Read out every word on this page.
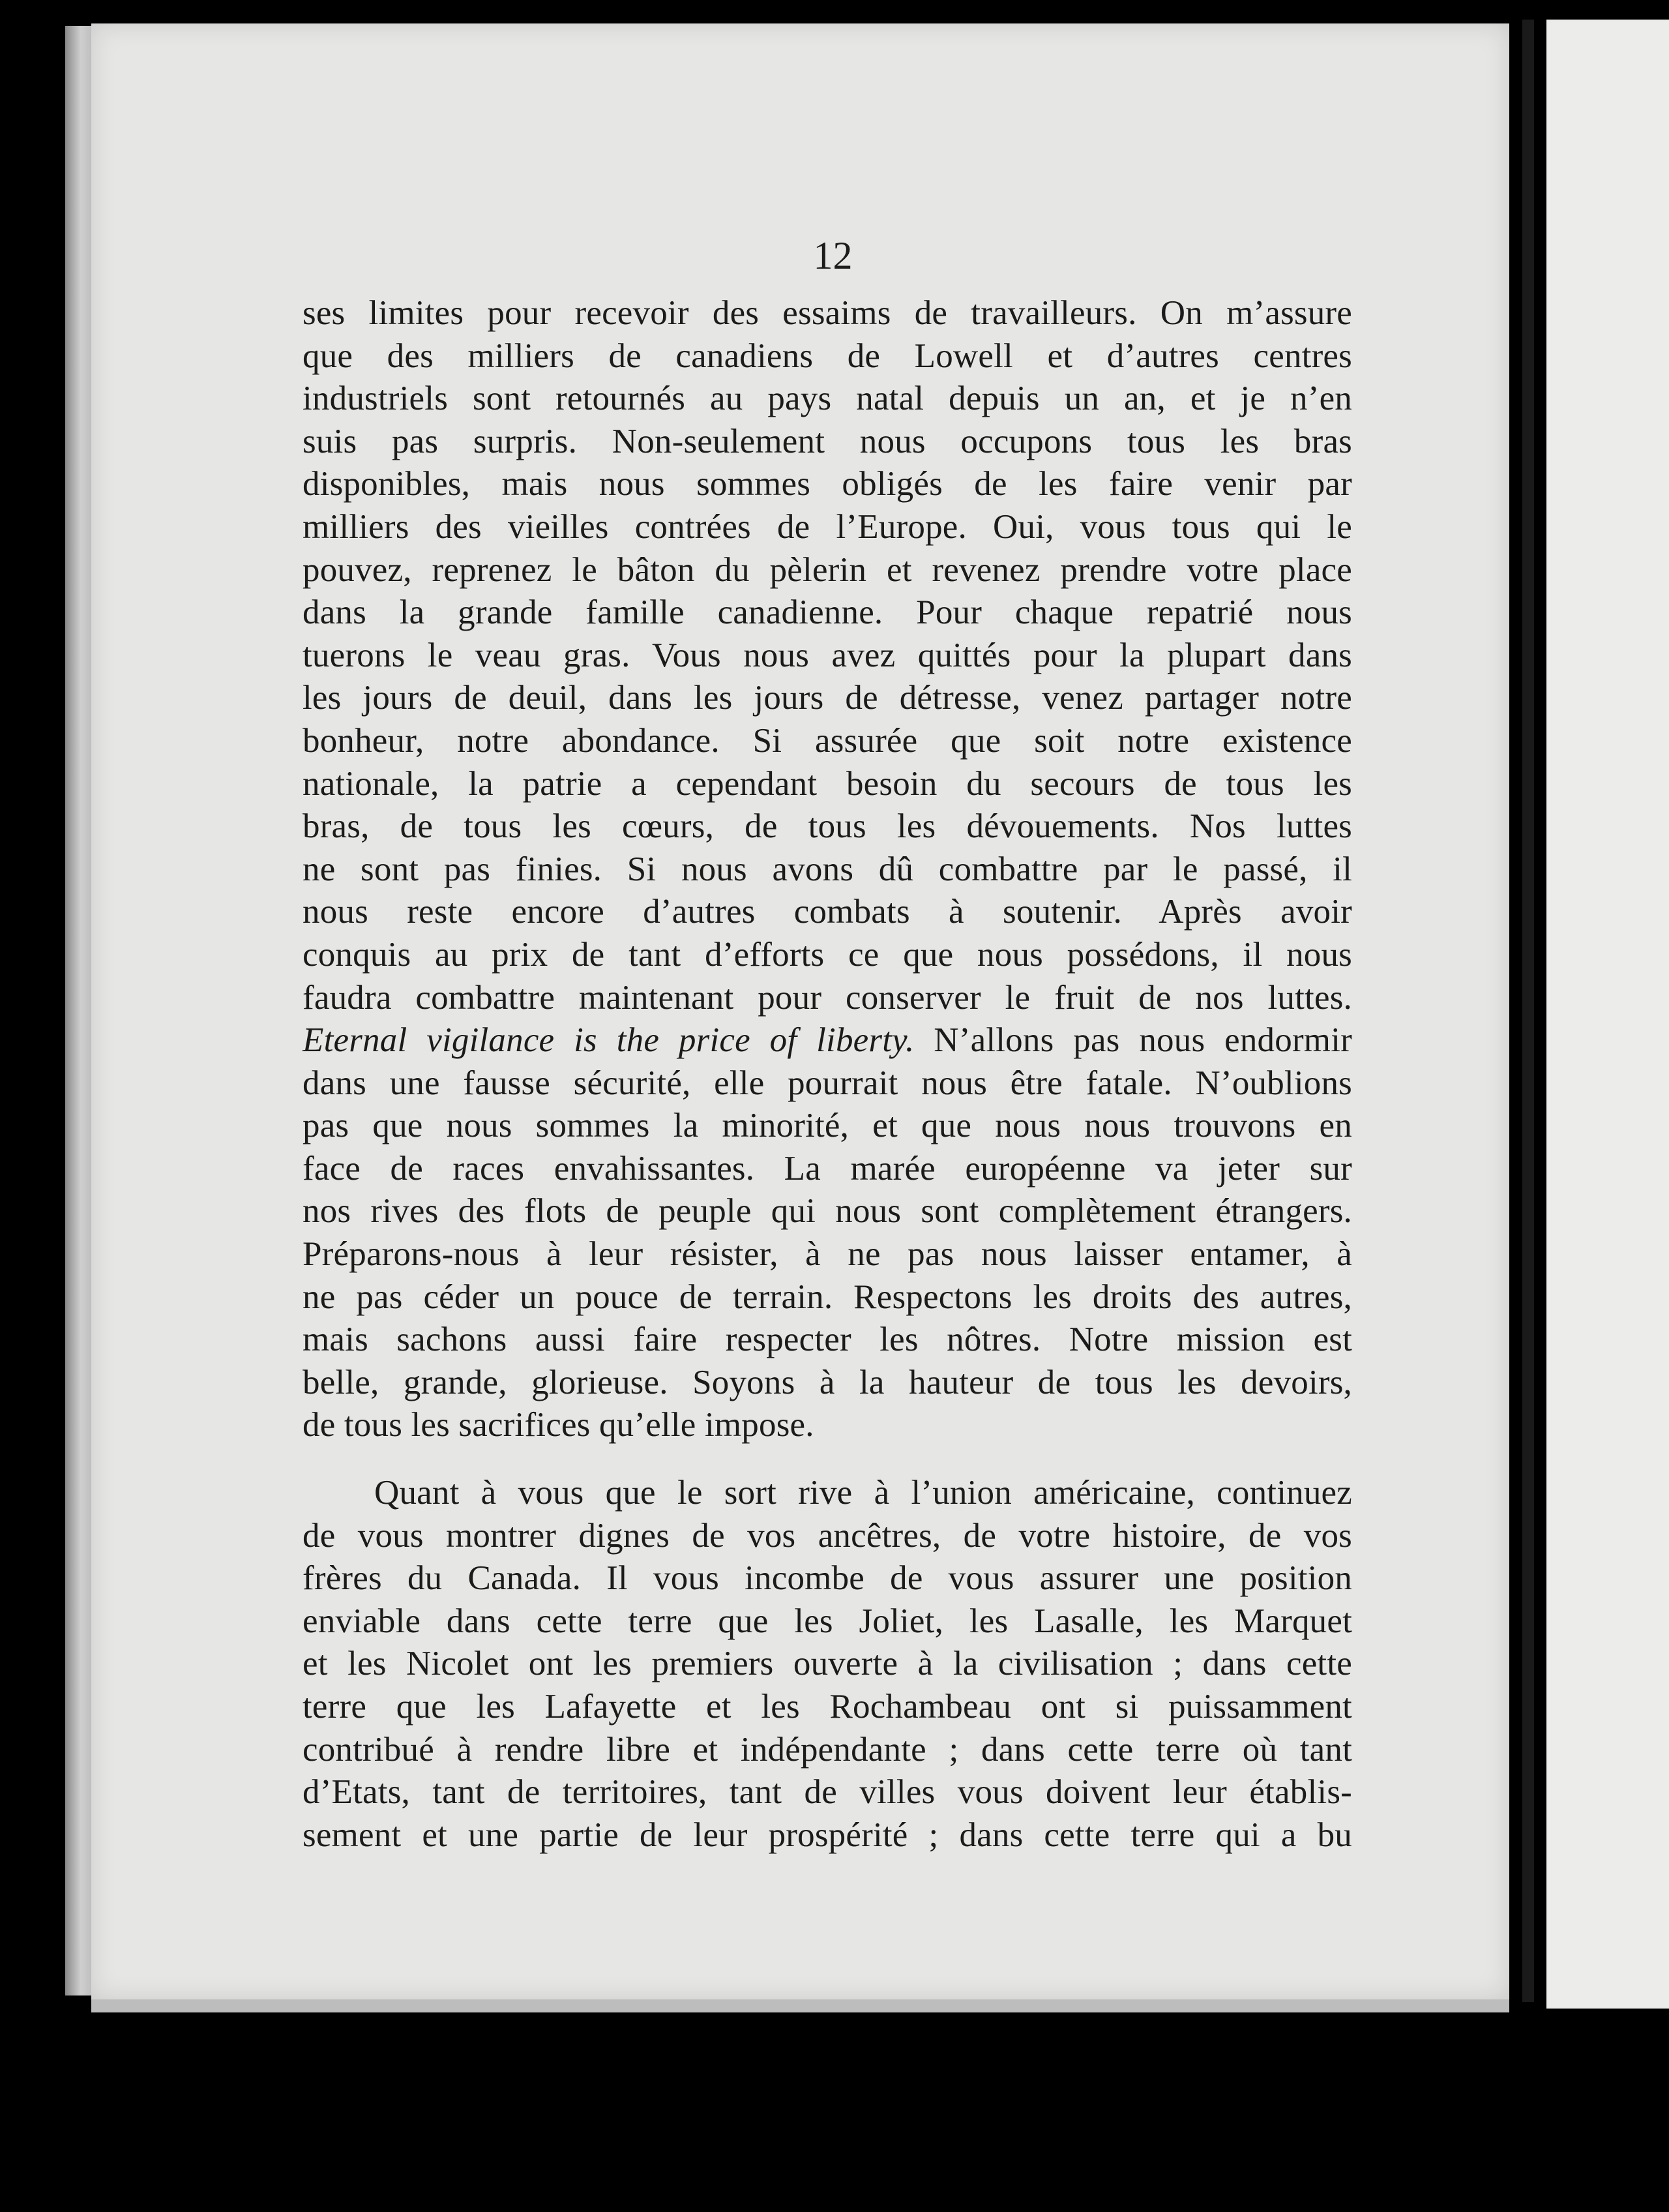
12

ses limites pour recevoir des essaims de travailleurs. On m’assure
que des milliers de canadiens de Lowell et d’autres centres
industriels sont retournés au pays natal depuis un an, et je n’en
suis pas surpris. Non-seulement nous occupons tous les bras
disponibles, mais nous sommes obligés de les faire venir par
milliers des vieilles contrées de l’Europe. Oui, vous tous qui le
pouvez, reprenez le bâton du pèlerin et revenez prendre votre place
dans la grande famille canadienne. Pour chaque repatrié nous
tuerons le veau gras. Vous nous avez quittés pour la plupart dans
les jours de deuil, dans les jours de détresse, venez partager notre
bonheur, notre abondance. Si assurée que soit notre existence
nationale, la patrie a cependant besoin du secours de tous les
bras, de tous les cœurs, de tous les dévouements. Nos luttes
ne sont pas finies. Si nous avons dû combattre par le passé, il
nous reste encore d’autres combats à soutenir. Après avoir
conquis au prix de tant d’efforts ce que nous possédons, il nous
faudra combattre maintenant pour conserver le fruit de nos luttes.
Eternal vigilance is the price of liberty. N’allons pas nous endormir
dans une fausse sécurité, elle pourrait nous être fatale. N’oublions
pas que nous sommes la minorité, et que nous nous trouvons en
face de races envahissantes. La marée européenne va jeter sur
nos rives des flots de peuple qui nous sont complètement étrangers.
Préparons-nous à leur résister, à ne pas nous laisser entamer, à
ne pas céder un pouce de terrain. Respectons les droits des autres,
mais sachons aussi faire respecter les nôtres. Notre mission est
belle, grande, glorieuse. Soyons à la hauteur de tous les devoirs,
de tous les sacrifices qu’elle impose.
Quant à vous que le sort rive à l’union américaine, continuez
de vous montrer dignes de vos ancêtres, de votre histoire, de vos
frères du Canada. Il vous incombe de vous assurer une position
enviable dans cette terre que les Joliet, les Lasalle, les Marquet
et les Nicolet ont les premiers ouverte à la civilisation ; dans cette
terre que les Lafayette et les Rochambeau ont si puissamment
contribué à rendre libre et indépendante ; dans cette terre où tant
d’Etats, tant de territoires, tant de villes vous doivent leur établis-
sement et une partie de leur prospérité ; dans cette terre qui a bu
